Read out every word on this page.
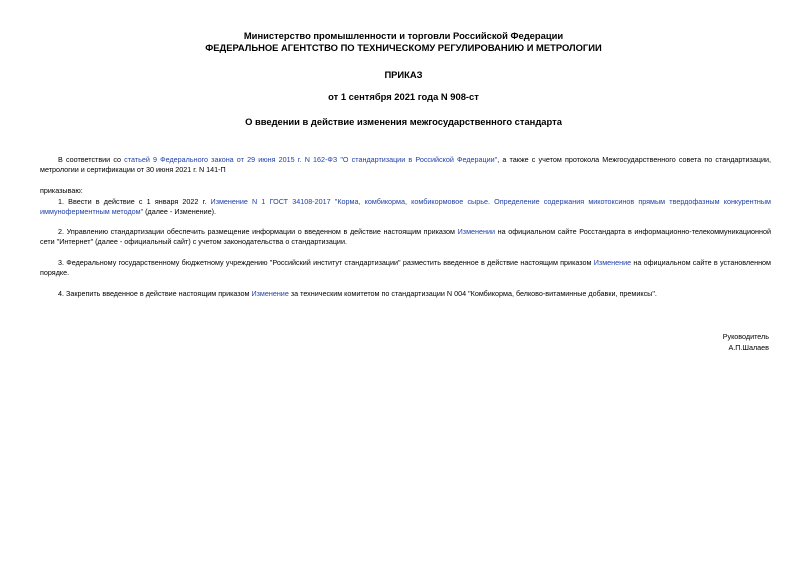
Министерство промышленности и торговли Российской Федерации
ФЕДЕРАЛЬНОЕ АГЕНТСТВО ПО ТЕХНИЧЕСКОМУ РЕГУЛИРОВАНИЮ И МЕТРОЛОГИИ
ПРИКАЗ
от 1 сентября 2021 года N 908-ст
О введении в действие изменения межгосударственного стандарта
В соответствии со статьей 9 Федерального закона от 29 июня 2015 г. N 162-ФЗ "О стандартизации в Российской Федерации", а также с учетом протокола Межгосударственного совета по стандартизации, метрологии и сертификации от 30 июня 2021 г. N 141-П
приказываю:
1. Ввести в действие с 1 января 2022 г. Изменение N 1 ГОСТ 34108-2017 "Корма, комбикорма, комбикормовое сырье. Определение содержания микотоксинов прямым твердофазным конкурентным иммуноферментным методом" (далее - Изменение).
2. Управлению стандартизации обеспечить размещение информации о введенном в действие настоящим приказом Изменении на официальном сайте Росстандарта в информационно-телекоммуникационной сети "Интернет" (далее - официальный сайт) с учетом законодательства о стандартизации.
3. Федеральному государственному бюджетному учреждению "Российский институт стандартизации" разместить введенное в действие настоящим приказом Изменение на официальном сайте в установленном порядке.
4. Закрепить введенное в действие настоящим приказом Изменение за техническим комитетом по стандартизации N 004 "Комбикорма, белково-витаминные добавки, премиксы".
Руководитель
А.П.Шалаев
